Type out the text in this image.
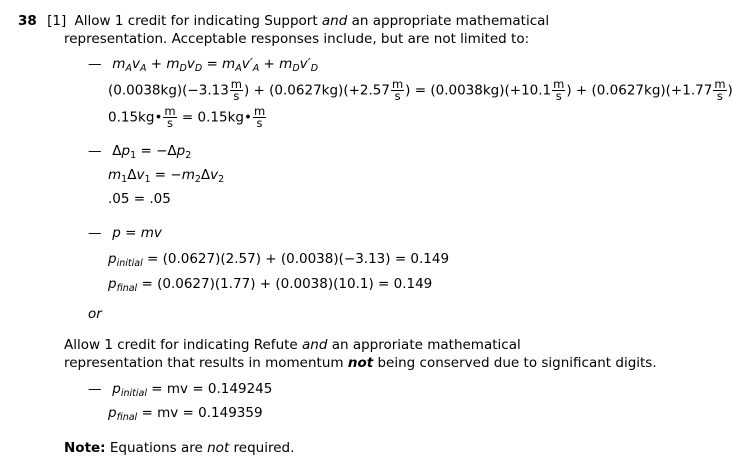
38 [1] Allow 1 credit for indicating Support and an appropriate mathematical
representation. Acceptable responses include, but are not limited to:
— $m_Av_A + m_Dv_D = m_Av'_A + m_Dv'_D$
$(0.0038kg)(-3.13 \frac{m}{s}$ ) + $(0.0627kg)(+2.57 \frac{m}{s}$ ) = $(0.0038kg)(+10.1 \frac{m}{s}$ ) + $(0.0627kg)(+1.77 \frac{m}{s}$ )
0.15kg• $\frac{m}{s}$ = 0.15kg• $\frac{m}{s}$
— $\Delta p_1 = -\Delta p_2$
$m_1\Delta v_1 = -m_2\Delta v_2$
.05 = .05
— p = mv
$p_{initial} = (0.0627)(2.57) + (0.0038)(-3.13) = 0.149$
$p_{final} = (0.0627)(1.77) + (0.0038)(10.1) = 0.149$
or
Allow 1 credit for indicating Refute and an approriate mathematical
representation that results in momentum not being conserved due to significant digits.
— $p_{initial}$ = mv = 0.149245
$p_{final}$ = mv = 0.149359
Note: Equations are not required.
